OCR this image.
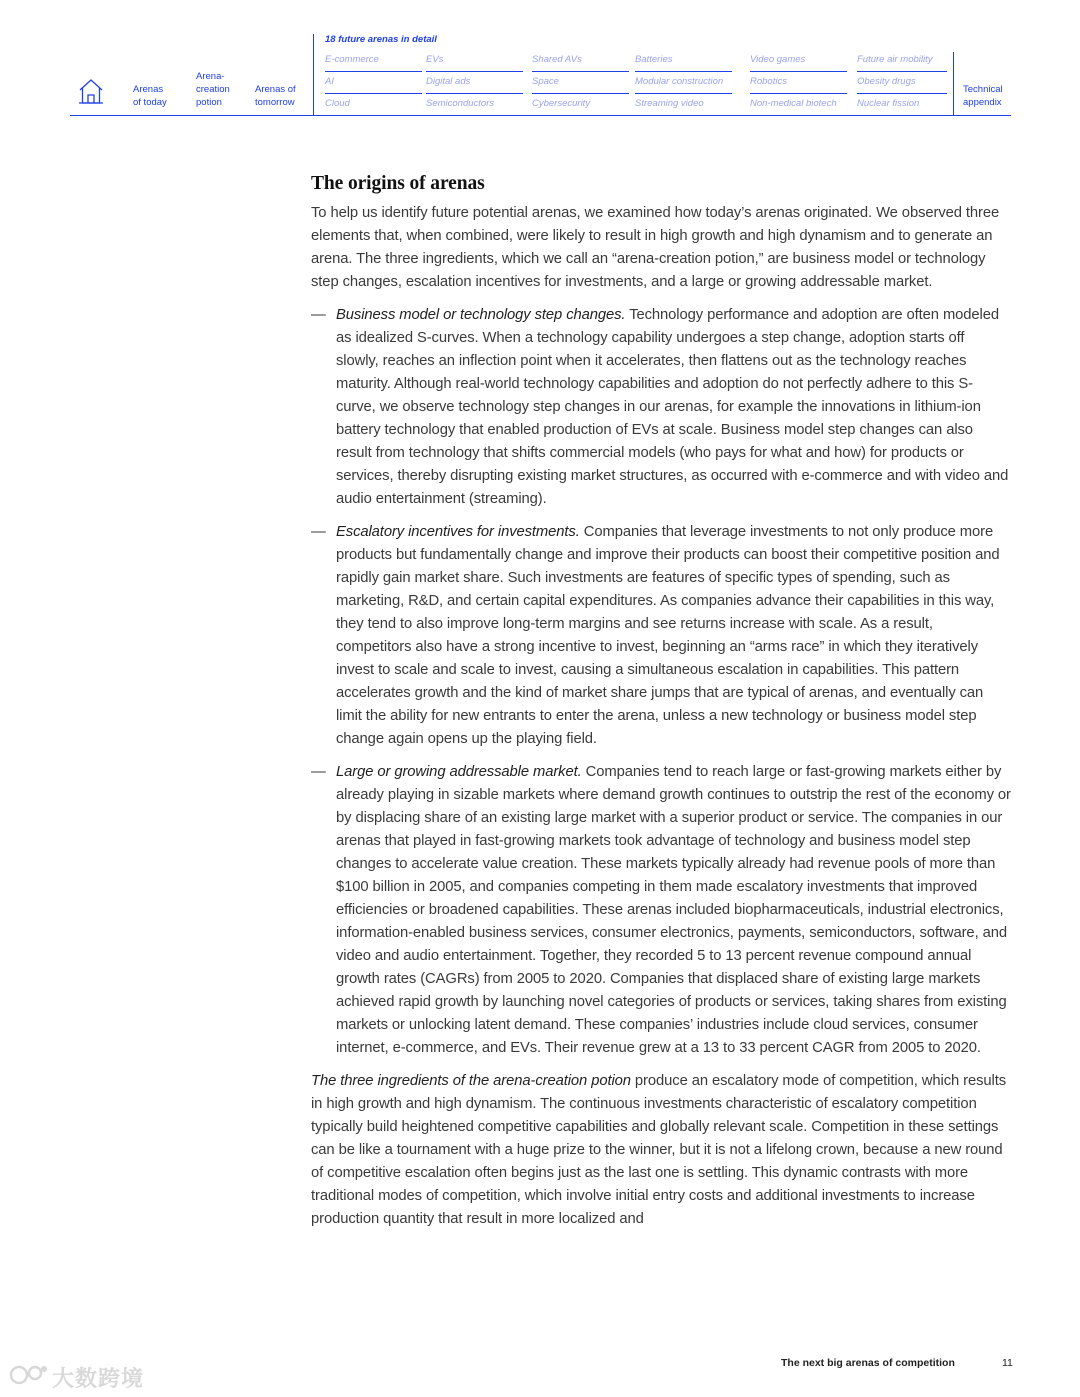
Arenas
of today
Arena-
creation
potion
Arenas of
tomorrow
18 future arenas in detail
E-commerce	EVs	Shared AVs	Batteries	Video games	Future air mobility
AI	Digital ads	Space	Modular construction	Robotics	Obesity drugs
Cloud	Semiconductors	Cybersecurity	Streaming video	Non-medical biotech	Nuclear fission
Technical
appendix
The origins of arenas

To help us identify future potential arenas, we examined how today’s arenas originated. We observed three elements that, when combined, were likely to result in high growth and high dynamism and to generate an arena. The three ingredients, which we call an “arena-creation potion,” are business model or technology step changes, escalation incentives for investments, and a large or growing addressable market.

— Business model or technology step changes. Technology performance and adoption are often modeled as idealized S-curves. When a technology capability undergoes a step change, adoption starts off slowly, reaches an inflection point when it accelerates, then flattens out as the technology reaches maturity. Although real-world technology capabilities and adoption do not perfectly adhere to this S-curve, we observe technology step changes in our arenas, for example the innovations in lithium-ion battery technology that enabled production of EVs at scale. Business model step changes can also result from technology that shifts commercial models (who pays for what and how) for products or services, thereby disrupting existing market structures, as occurred with e-commerce and with video and audio entertainment (streaming).
— Escalatory incentives for investments. Companies that leverage investments to not only produce more products but fundamentally change and improve their products can boost their competitive position and rapidly gain market share. Such investments are features of specific types of spending, such as marketing, R&D, and certain capital expenditures. As companies advance their capabilities in this way, they tend to also improve long-term margins and see returns increase with scale. As a result, competitors also have a strong incentive to invest, beginning an “arms race” in which they iteratively invest to scale and scale to invest, causing a simultaneous escalation in capabilities. This pattern accelerates growth and the kind of market share jumps that are typical of arenas, and eventually can limit the ability for new entrants to enter the arena, unless a new technology or business model step change again opens up the playing field.
— Large or growing addressable market. Companies tend to reach large or fast-growing markets either by already playing in sizable markets where demand growth continues to outstrip the rest of the economy or by displacing share of an existing large market with a superior product or service. The companies in our arenas that played in fast-growing markets took advantage of technology and business model step changes to accelerate value creation. These markets typically already had revenue pools of more than $100 billion in 2005, and companies competing in them made escalatory investments that improved efficiencies or broadened capabilities. These arenas included biopharmaceuticals, industrial electronics, information-enabled business services, consumer electronics, payments, semiconductors, software, and video and audio entertainment. Together, they recorded 5 to 13 percent revenue compound annual growth rates (CAGRs) from 2005 to 2020. Companies that displaced share of existing large markets achieved rapid growth by launching novel categories of products or services, taking shares from existing markets or unlocking latent demand. These companies’ industries include cloud services, consumer internet, e-commerce, and EVs. Their revenue grew at a 13 to 33 percent CAGR from 2005 to 2020.

The three ingredients of the arena-creation potion produce an escalatory mode of competition, which results in high growth and high dynamism. The continuous investments characteristic of escalatory competition typically build heightened competitive capabilities and globally relevant scale. Competition in these settings can be like a tournament with a huge prize to the winner, but it is not a lifelong crown, because a new round of competitive escalation often begins just as the last one is settling. This dynamic contrasts with more traditional modes of competition, which involve initial entry costs and additional investments to increase production quantity that result in more localized and

大数跨境
The next big arenas of competition	11
